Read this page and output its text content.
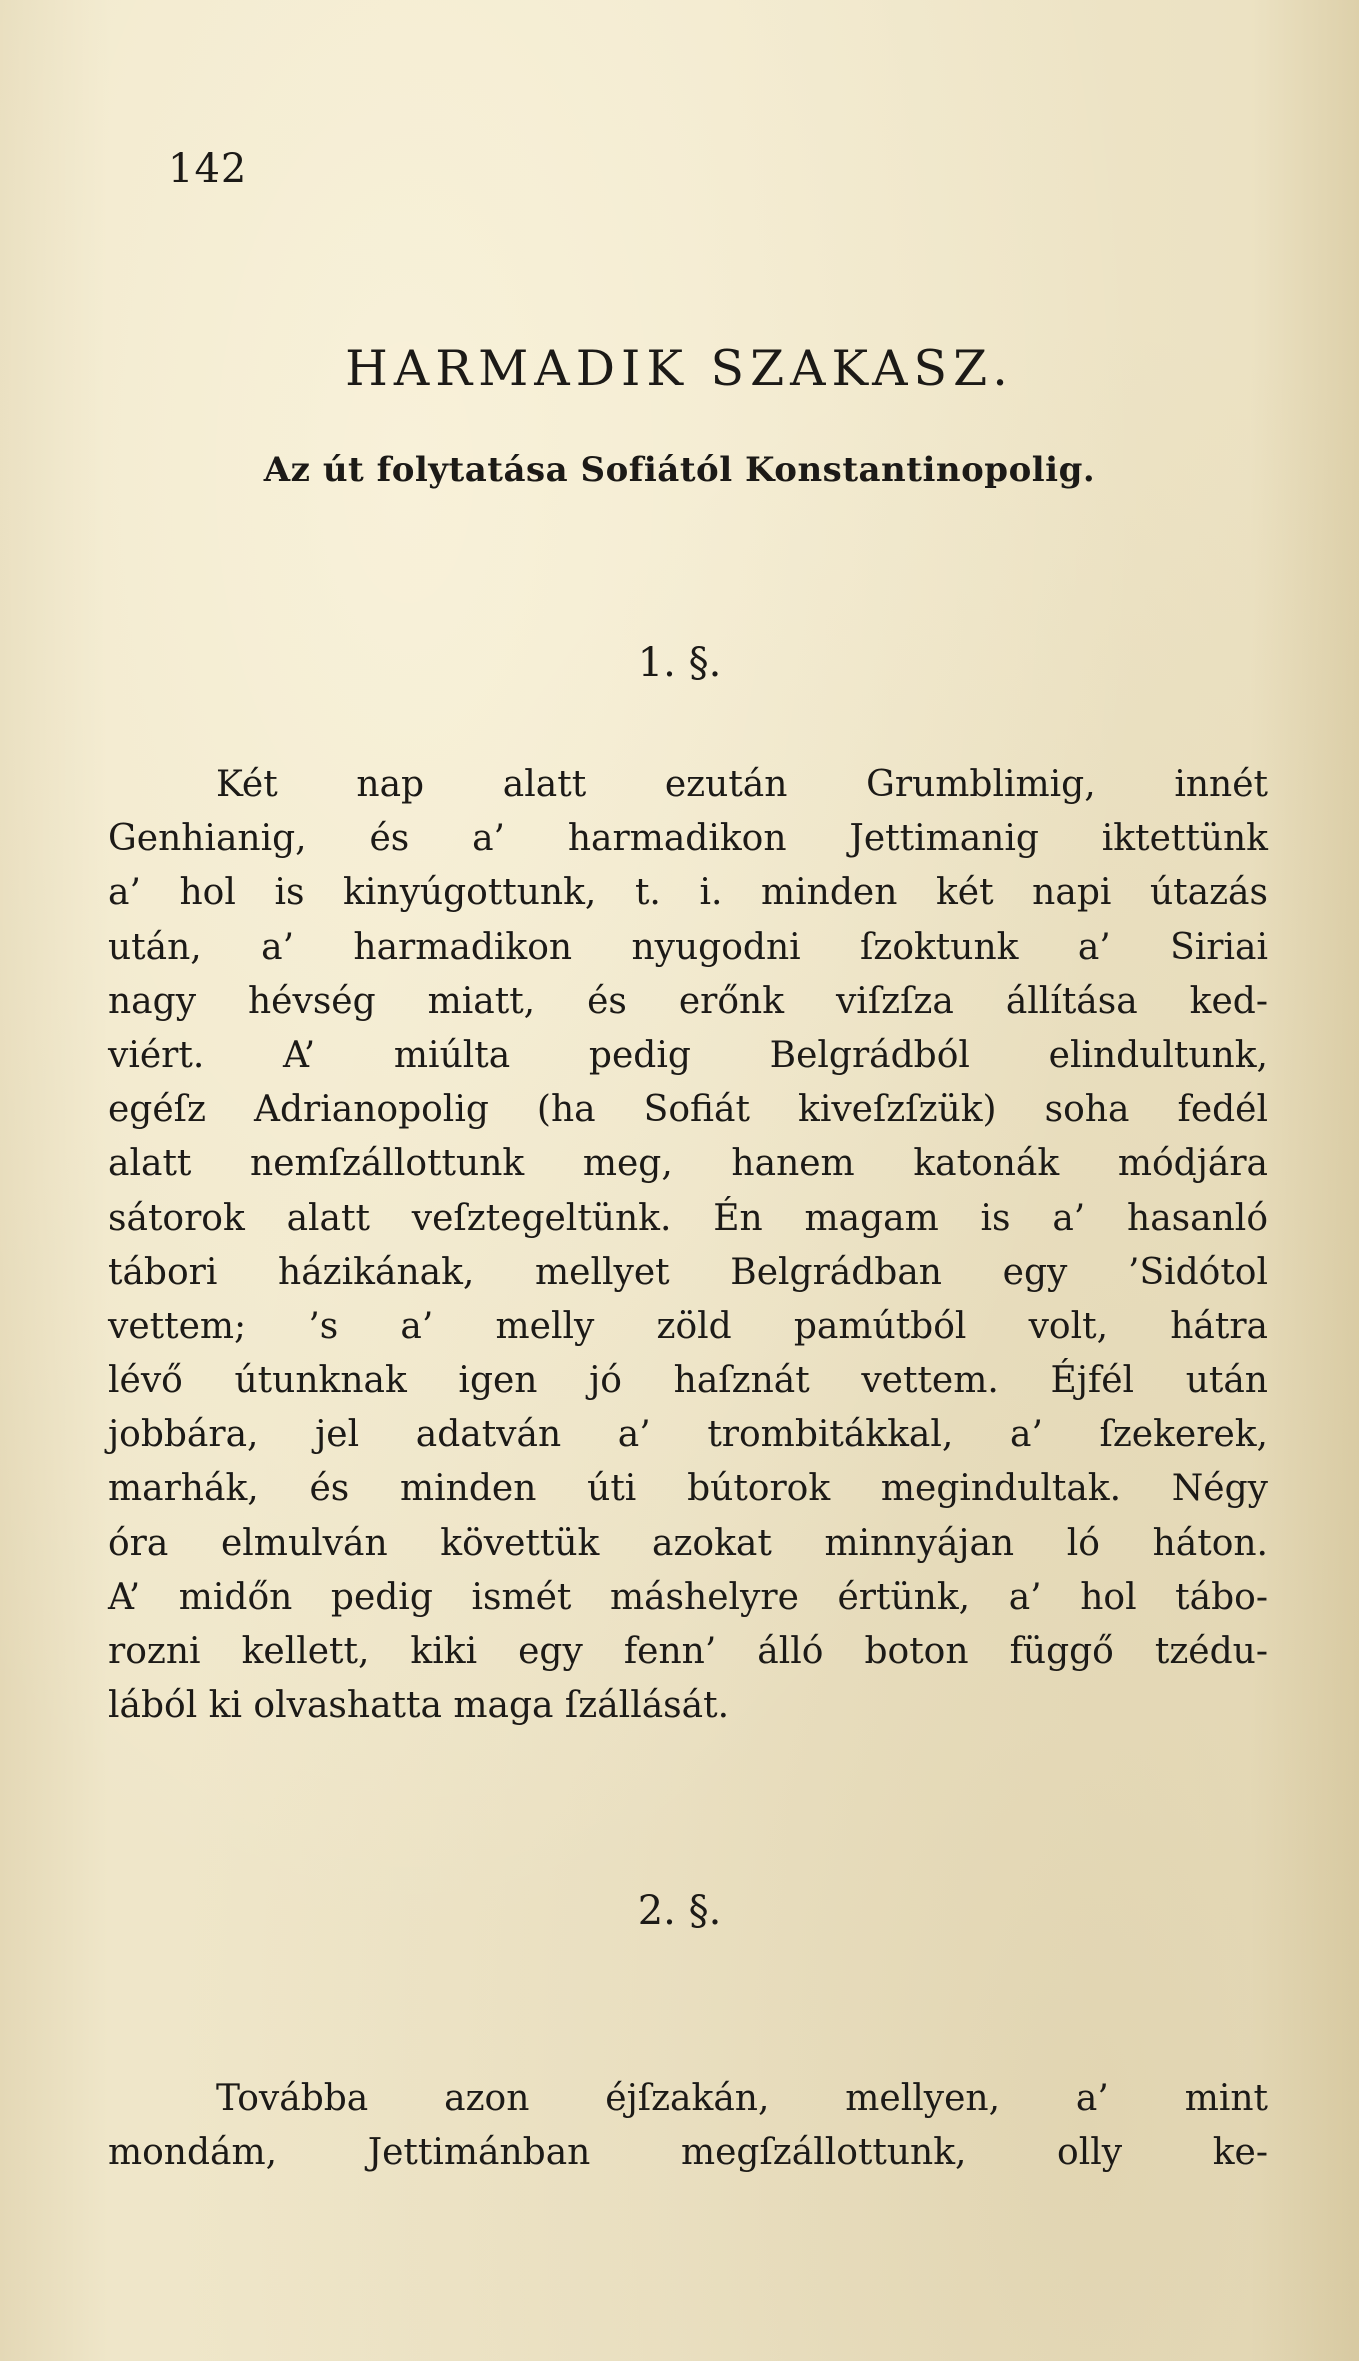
142
HARMADIK SZAKASZ.
Az út folytatása Sofiától Konstantinopolig.
1. §.
Két nap alatt ezután Grumblimig, innét
Genhianig, és a’ harmadikon Jettimanig iktettünk
a’ hol is kinyúgottunk, t. i. minden két napi útazás
után, a’ harmadikon nyugodni ſzoktunk a’ Siriai
nagy hévség miatt, és erőnk viſzſza állítása ked-
viért. A’ miúlta pedig Belgrádból elindultunk,
egéſz Adrianopolig (ha Sofiát kiveſzſzük) soha fedél
alatt nemſzállottunk meg, hanem katonák módjára
sátorok alatt veſztegeltünk. Én magam is a’ hasanló
tábori házikának, mellyet Belgrádban egy ’Sidótol
vettem; ’s a’ melly zöld pamútból volt, hátra
lévő útunknak igen jó haſznát vettem. Éjfél után
jobbára, jel adatván a’ trombitákkal, a’ ſzekerek,
marhák, és minden úti bútorok megindultak. Négy
óra elmulván követtük azokat minnyájan ló háton.
A’ midőn pedig ismét máshelyre értünk, a’ hol tábo-
rozni kellett, kiki egy fenn’ álló boton függő tzédu-
lából ki olvashatta maga ſzállását.
2. §.
Továbba azon éjſzakán, mellyen, a’ mint
mondám, Jettimánban megſzállottunk, olly ke-
